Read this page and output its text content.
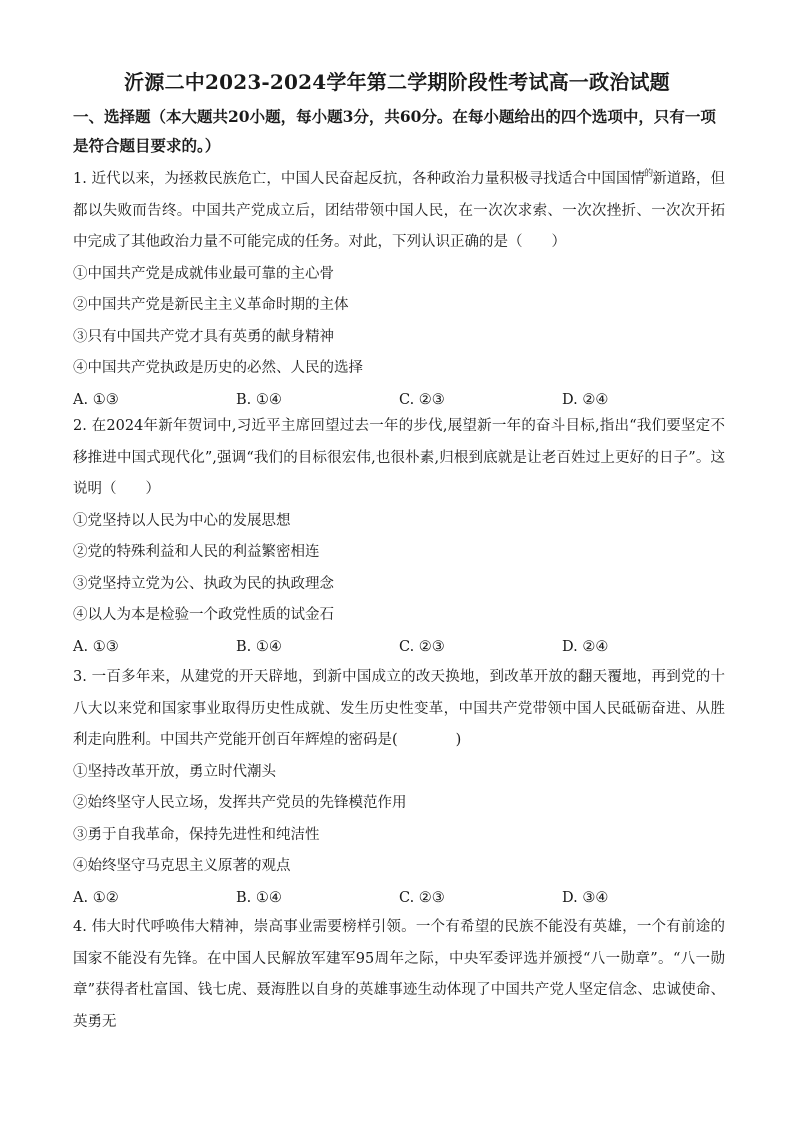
沂源二中2023-2024学年第二学期阶段性考试高一政治试题
一、选择题（本大题共20小题，每小题3分，共60分。在每小题给出的四个选项中，只有一项是符合题目要求的。）
1. 近代以来，为拯救民族危亡，中国人民奋起反抗，各种政治力量积极寻找适合中国国情$^的$新道路，但都以失败而告终。中国共产党成立后，团结带领中国人民，在一次次求索、一次次挫折、一次次开拓中完成了其他政治力量不可能完成的任务。对此，下列认识正确的是（　　）
①中国共产党是成就伟业最可靠的主心骨
②中国共产党是新民主主义革命时期的主体
③只有中国共产党才具有英勇的献身精神
④中国共产党执政是历史的必然、人民的选择
A. ①③	B. ①④	C. ②③	D. ②④
2. 在2024年新年贺词中,习近平主席回望过去一年的步伐,展望新一年的奋斗目标,指出“我们要坚定不移推进中国式现代化”,强调“我们的目标很宏伟,也很朴素,归根到底就是让老百姓过上更好的日子”。这说明（　　）
①党坚持以人民为中心的发展思想
②党的特殊利益和人民的利益繁密相连
③党坚持立党为公、执政为民的执政理念
④以人为本是检验一个政党性质的试金石
A. ①③	B. ①④	C. ②③	D. ②④
3. 一百多年来，从建党的开天辟地，到新中国成立的改天换地，到改革开放的翻天覆地，再到党的十八大以来党和国家事业取得历史性成就、发生历史性变革，中国共产党带领中国人民砥砺奋进、从胜利走向胜利。中国共产党能开创百年辉煌的密码是(　　　　)
①坚持改革开放，勇立时代潮头
②始终坚守人民立场，发挥共产党员的先锋模范作用
③勇于自我革命，保持先进性和纯洁性
④始终坚守马克思主义原著的观点
A. ①②	B. ①④	C. ②③	D. ③④
4. 伟大时代呼唤伟大精神，崇高事业需要榜样引领。一个有希望的民族不能没有英雄，一个有前途的国家不能没有先锋。在中国人民解放军建军95周年之际，中央军委评选并颁授“八一勋章”。“八一勋章”获得者杜富国、钱七虎、聂海胜以自身的英雄事迹生动体现了中国共产党人坚定信念、忠诚使命、英勇无
